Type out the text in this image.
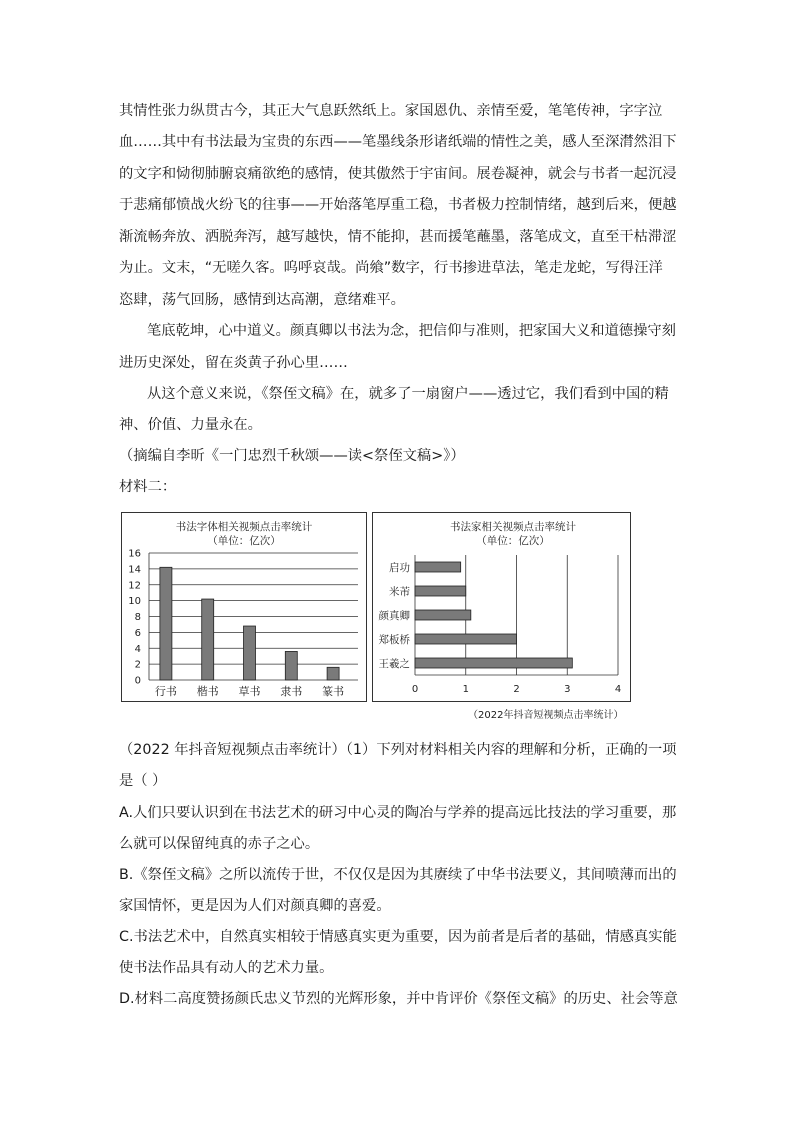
其情性张力纵贯古今，其正大气息跃然纸上。家国恩仇、亲情至爱，笔笔传神，字字泣
血……其中有书法最为宝贵的东西——笔墨线条形诸纸端的情性之美，感人至深潸然泪下
的文字和恸彻肺腑哀痛欲绝的感情，使其傲然于宇宙间。展卷凝神，就会与书者一起沉浸
于悲痛郁愤战火纷飞的往事——开始落笔厚重工稳，书者极力控制情绪，越到后来，便越
渐流畅奔放、洒脱奔泻，越写越快，情不能抑，甚而援笔蘸墨，落笔成文，直至干枯滞涩
为止。文末，“无嗟久客。呜呼哀哉。尚飨”数字，行书掺进草法，笔走龙蛇，写得汪洋
恣肆，荡气回肠，感情到达高潮，意绪难平。
笔底乾坤，心中道义。颜真卿以书法为念，把信仰与准则，把家国大义和道德操守刻
进历史深处，留在炎黄子孙心里……
从这个意义来说，《祭侄文稿》在，就多了一扇窗户——透过它，我们看到中国的精
神、价值、力量永在。
（摘编自李昕《一门忠烈千秋颂——读<祭侄文稿>》）
材料二：
书法字体相关视频点击率统计
（单位：亿次）
0
2
4
6
8
10
12
14
16
行书 楷书 草书 隶书 篆书
书法家相关视频点击率统计
（单位：亿次）
0	1	2	3	4
启功
米芾
颜真卿
郑板桥
王羲之
（2022年抖音短视频点击率统计）
（2022 年抖音短视频点击率统计）（1）下列对材料相关内容的理解和分析，正确的一项
是（ ）
A.人们只要认识到在书法艺术的研习中心灵的陶冶与学养的提高远比技法的学习重要，那
么就可以保留纯真的赤子之心。
B.《祭侄文稿》之所以流传于世，不仅仅是因为其赓续了中华书法要义，其间喷薄而出的
家国情怀，更是因为人们对颜真卿的喜爱。
C.书法艺术中，自然真实相较于情感真实更为重要，因为前者是后者的基础，情感真实能
使书法作品具有动人的艺术力量。
D.材料二高度赞扬颜氏忠义节烈的光辉形象，并中肯评价《祭侄文稿》的历史、社会等意
